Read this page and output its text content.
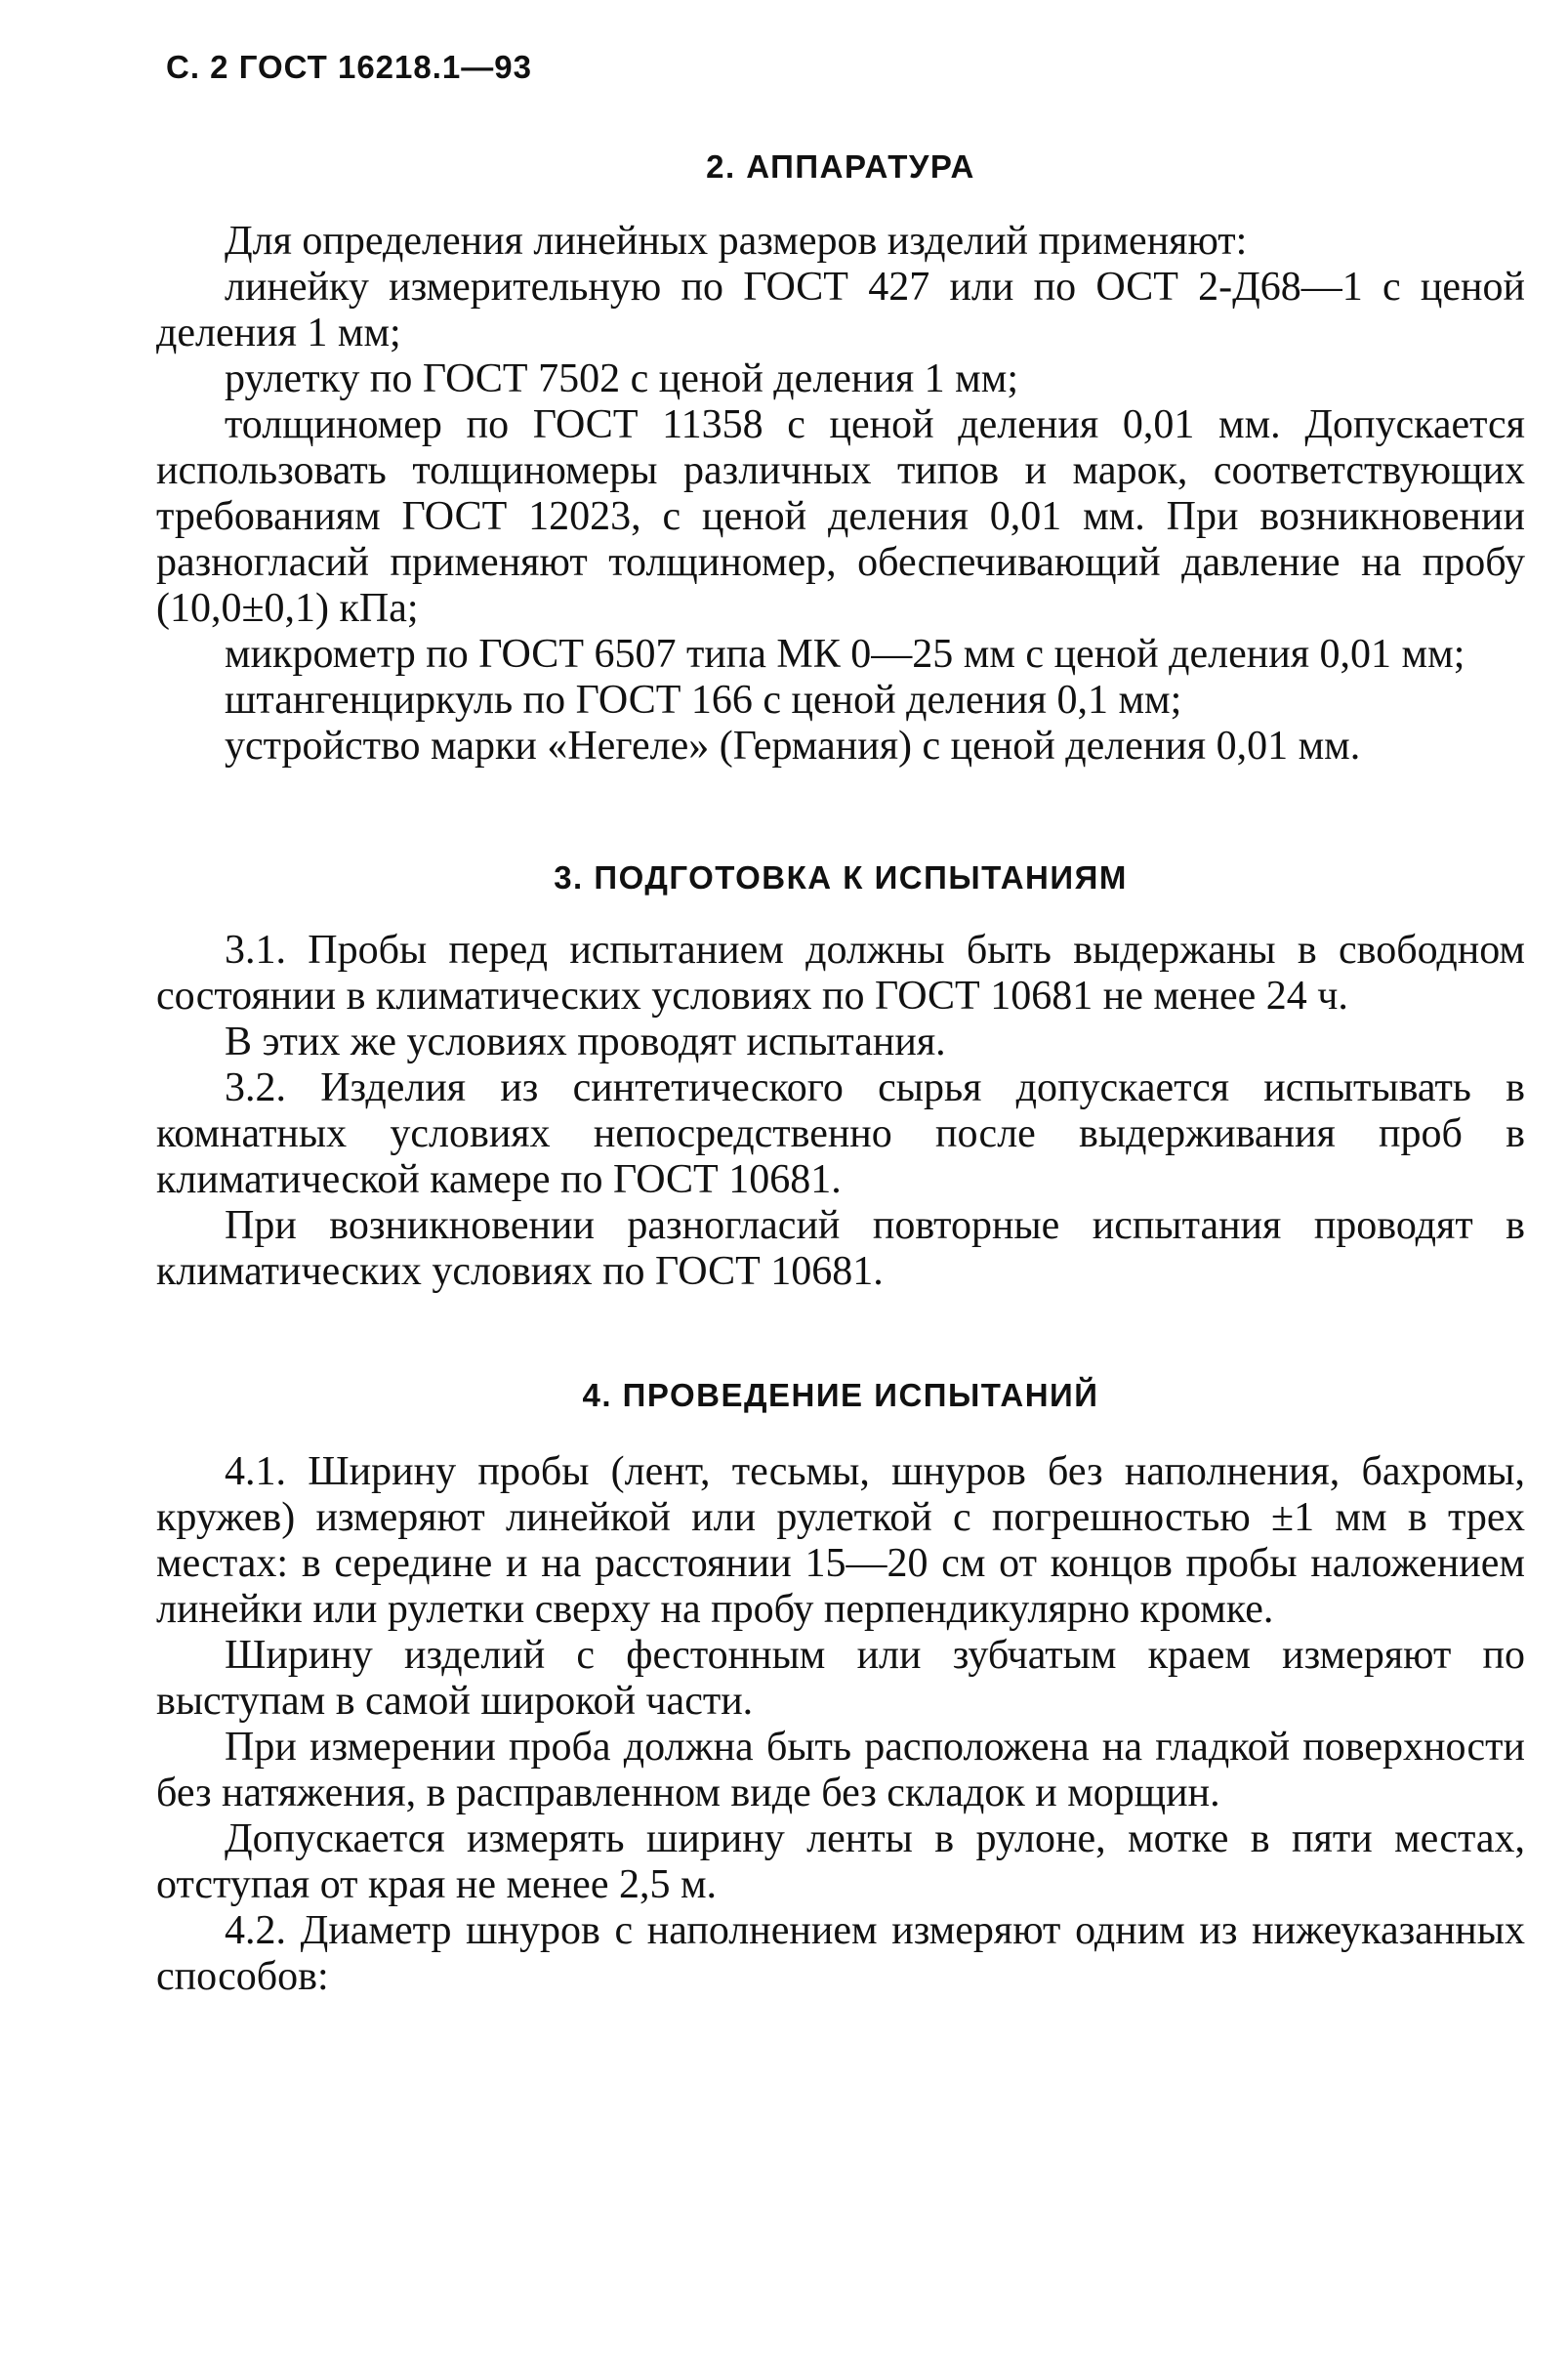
С. 2 ГОСТ 16218.1—93
2. АППАРАТУРА

Для определения линейных размеров изделий применяют:

линейку измерительную по ГОСТ 427 или по ОСТ 2-Д68—1 с ценой деления 1 мм;

рулетку по ГОСТ 7502 с ценой деления 1 мм;

толщиномер по ГОСТ 11358 с ценой деления 0,01 мм. Допускается использовать толщиномеры различных типов и марок, соответствующих требованиям ГОСТ 12023, с ценой деления 0,01 мм. При возникновении разногласий применяют толщиномер, обеспечивающий давление на пробу (10,0±0,1) кПа;

микрометр по ГОСТ 6507 типа МК 0—25 мм с ценой деления 0,01 мм;

штангенциркуль по ГОСТ 166 с ценой деления 0,1 мм;

устройство марки «Негеле» (Германия) с ценой деления 0,01 мм.

3. ПОДГОТОВКА К ИСПЫТАНИЯМ

3.1. Пробы перед испытанием должны быть выдержаны в свободном состоянии в климатических условиях по ГОСТ 10681 не менее 24 ч.

В этих же условиях проводят испытания.

3.2. Изделия из синтетического сырья допускается испытывать в комнатных условиях непосредственно после выдерживания проб в климатической камере по ГОСТ 10681.

При возникновении разногласий повторные испытания проводят в климатических условиях по ГОСТ 10681.

4. ПРОВЕДЕНИЕ ИСПЫТАНИЙ

4.1. Ширину пробы (лент, тесьмы, шнуров без наполнения, бахромы, кружев) измеряют линейкой или рулеткой с погрешностью ±1 мм в трех местах: в середине и на расстоянии 15—20 см от концов пробы наложением линейки или рулетки сверху на пробу перпендикулярно кромке.

Ширину изделий с фестонным или зубчатым краем измеряют по выступам в самой широкой части.

При измерении проба должна быть расположена на гладкой поверхности без натяжения, в расправленном виде без складок и морщин.

Допускается измерять ширину ленты в рулоне, мотке в пяти местах, отступая от края не менее 2,5 м.

4.2. Диаметр шнуров с наполнением измеряют одним из нижеуказанных способов:
